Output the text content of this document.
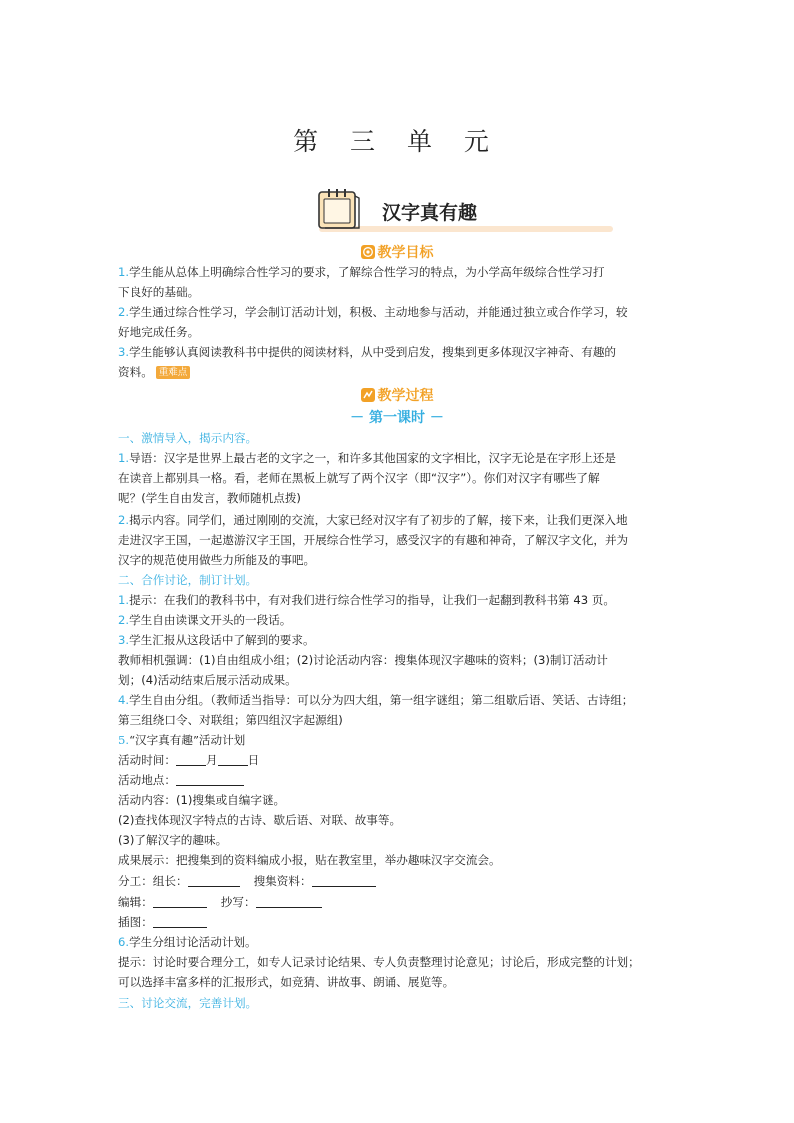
第 三 单 元
汉字真有趣
教学目标
1.学生能从总体上明确综合性学习的要求，了解综合性学习的特点，为小学高年级综合性学习打
下良好的基础。
2.学生通过综合性学习，学会制订活动计划，积极、主动地参与活动，并能通过独立或合作学习，较
好地完成任务。
3.学生能够认真阅读教科书中提供的阅读材料，从中受到启发，搜集到更多体现汉字神奇、有趣的
资料。 重难点
教学过程
－ 第一课时 －
一、激情导入，揭示内容。
1.导语：汉字是世界上最古老的文字之一，和许多其他国家的文字相比，汉字无论是在字形上还是
在读音上都别具一格。看，老师在黑板上就写了两个汉字（即“汉字”）。你们对汉字有哪些了解
呢？(学生自由发言，教师随机点拨)
2.揭示内容。同学们，通过刚刚的交流，大家已经对汉字有了初步的了解，接下来，让我们更深入地
走进汉字王国，一起遨游汉字王国，开展综合性学习，感受汉字的有趣和神奇，了解汉字文化，并为
汉字的规范使用做些力所能及的事吧。
二、合作讨论，制订计划。
1.提示：在我们的教科书中，有对我们进行综合性学习的指导，让我们一起翻到教科书第 43 页。
2.学生自由读课文开头的一段话。
3.学生汇报从这段话中了解到的要求。
教师相机强调：(1)自由组成小组；(2)讨论活动内容：搜集体现汉字趣味的资料；(3)制订活动计
划；(4)活动结束后展示活动成果。
4.学生自由分组。（教师适当指导：可以分为四大组，第一组字谜组；第二组歇后语、笑话、古诗组；
第三组绕口令、对联组；第四组汉字起源组)
5.“汉字真有趣”活动计划
活动时间：	月	日
活动地点：
活动内容：(1)搜集或自编字谜。
(2)查找体现汉字特点的古诗、歇后语、对联、故事等。
(3)了解汉字的趣味。
成果展示：把搜集到的资料编成小报，贴在教室里，举办趣味汉字交流会。
分工：组长：	搜集资料：
编辑：	抄写：
插图：
6.学生分组讨论活动计划。
提示：讨论时要合理分工，如专人记录讨论结果、专人负责整理讨论意见；讨论后，形成完整的计划；
可以选择丰富多样的汇报形式，如竞猜、讲故事、朗诵、展览等。
三、讨论交流，完善计划。
